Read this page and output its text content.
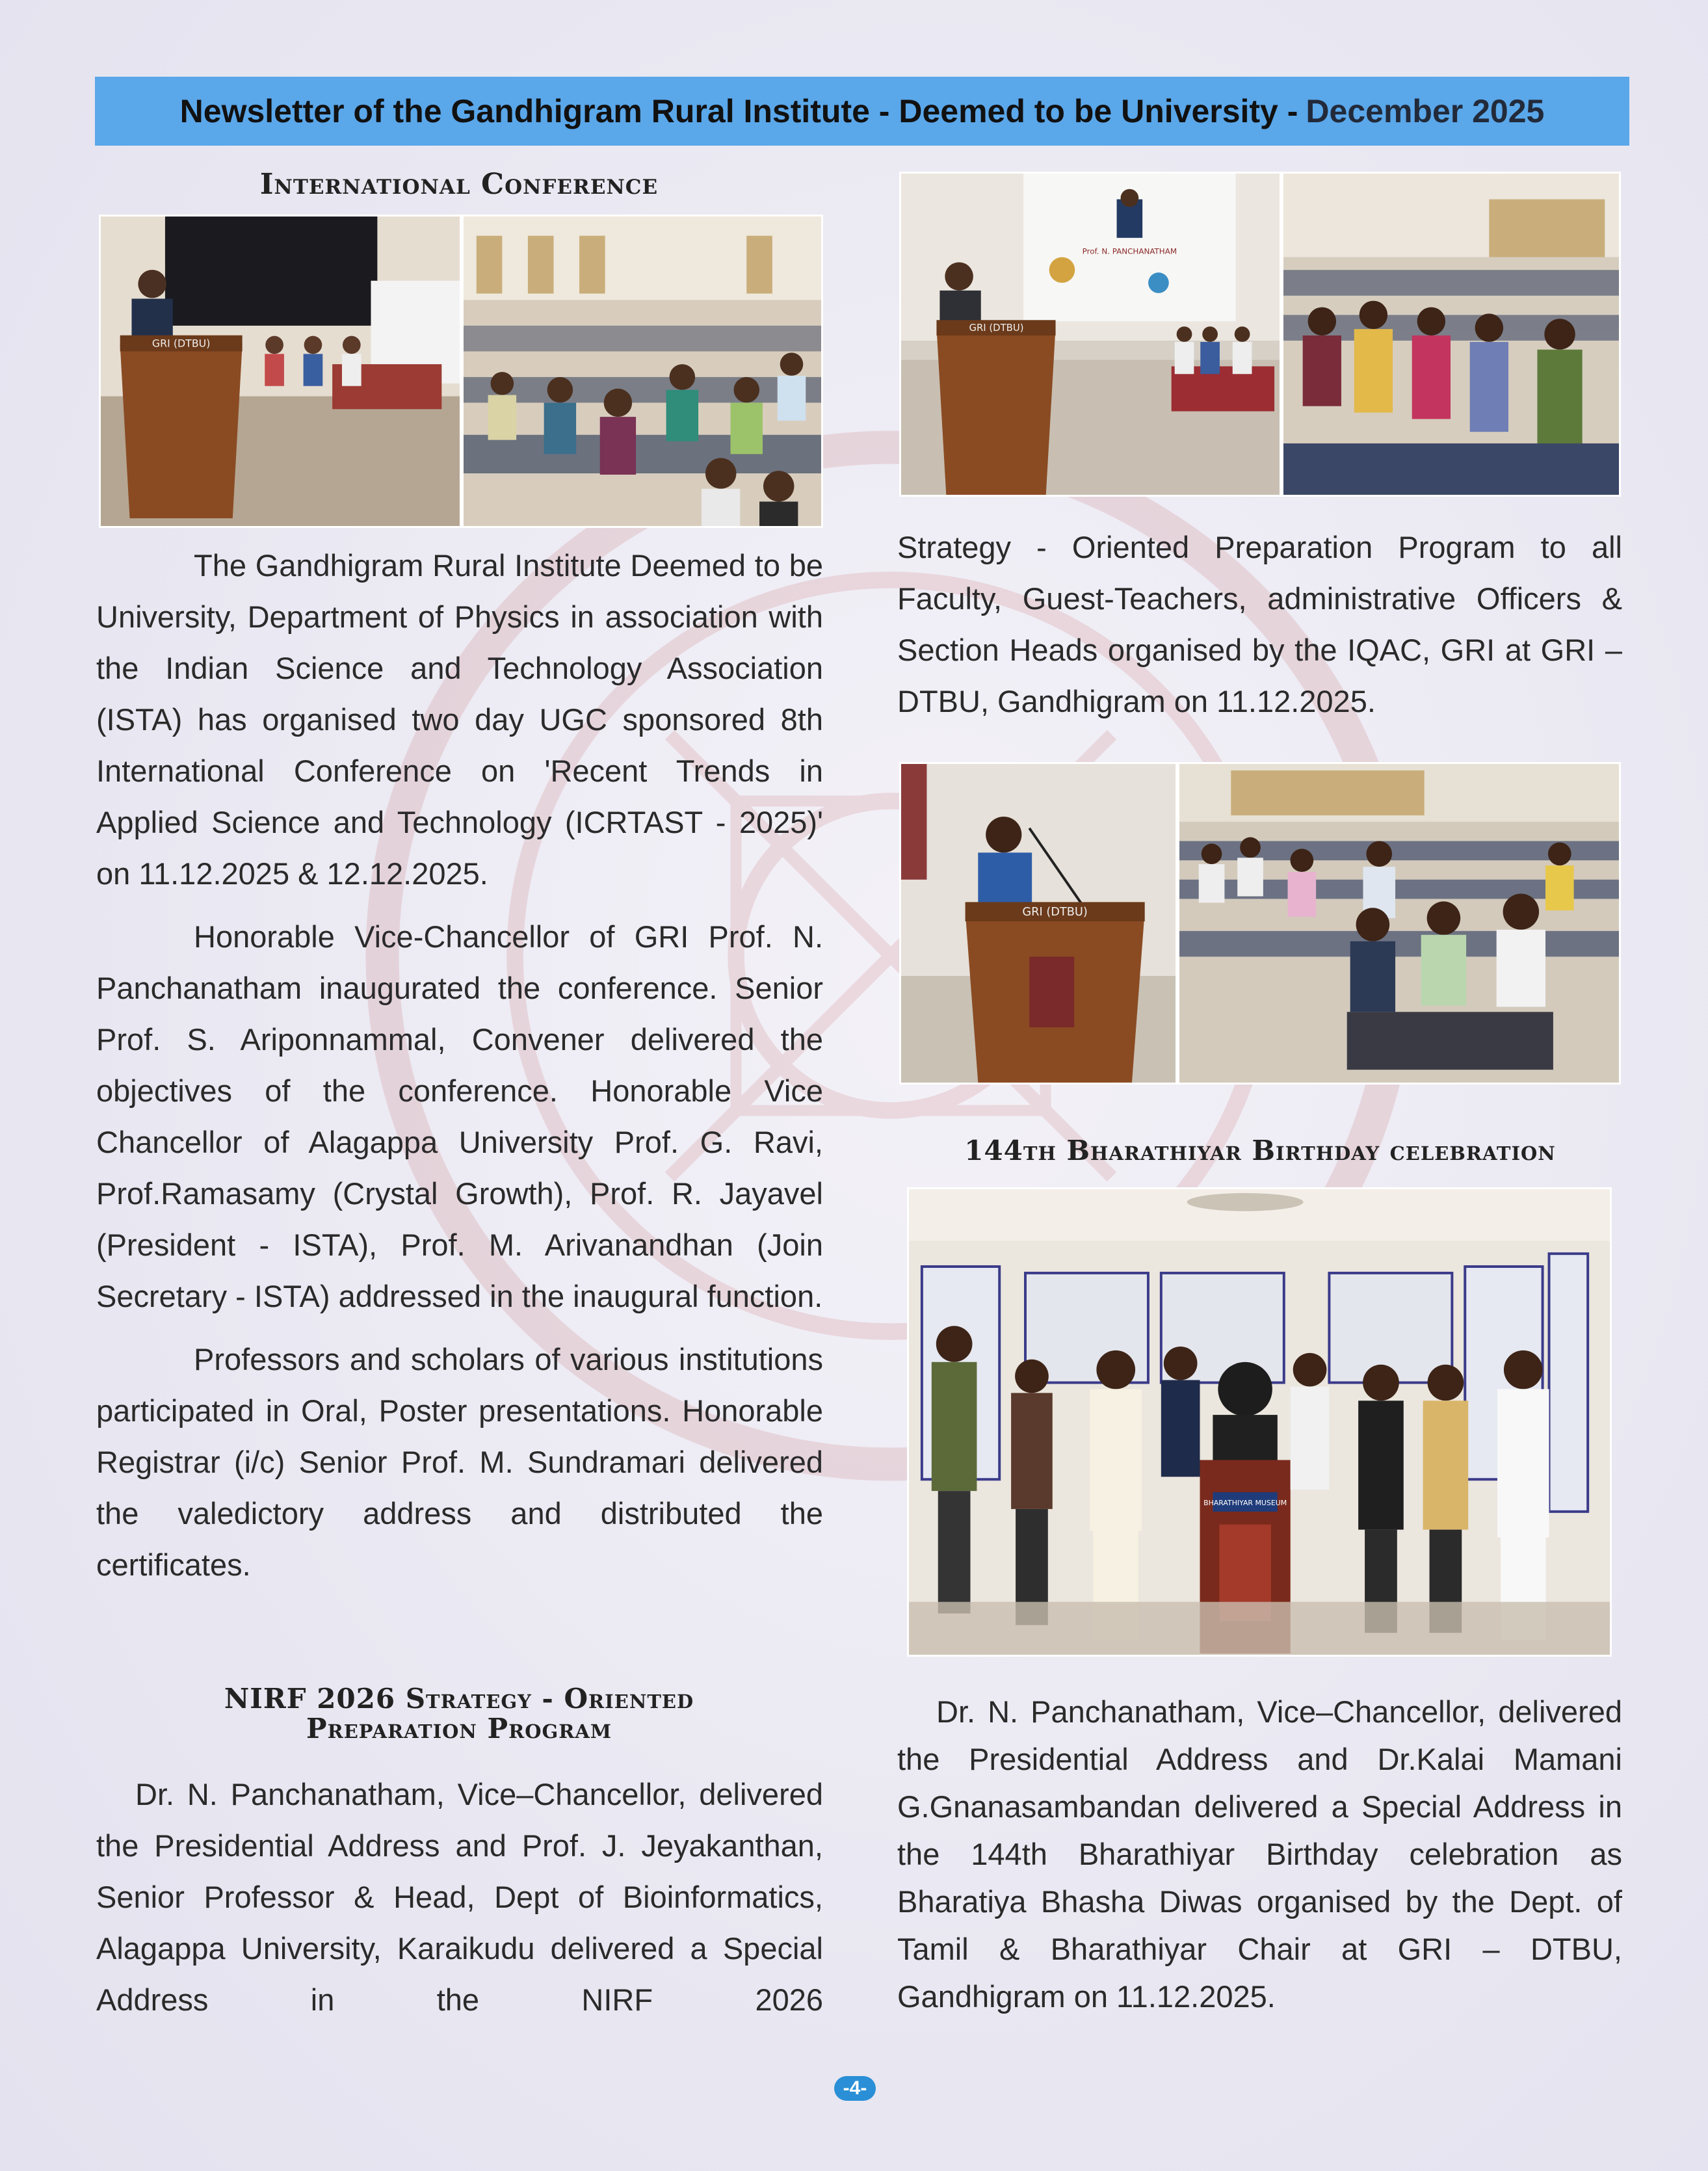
Newsletter of the Gandhigram Rural Institute - Deemed to be University - December 2025
International Conference
GRI (DTBU)

The Gandhigram Rural Institute Deemed to be University, Department of Physics in association with the Indian Science and Technology Association (ISTA) has organised two day UGC sponsored 8th International Conference on 'Recent Trends in Applied Science and Technology (ICRTAST - 2025)' on 11.12.2025 & 12.12.2025.

Honorable Vice-Chancellor of GRI Prof. N. Panchanatham inaugurated the conference. Senior Prof. S. Ariponnammal, Convener delivered the objectives of the conference. Honorable Vice Chancellor of Alagappa University Prof. G. Ravi, Prof.Ramasamy (Crystal Growth), Prof. R. Jayavel (President - ISTA), Prof. M. Arivanandhan (Join Secretary - ISTA) addressed in the inaugural function.

Professors and scholars of various institutions participated in Oral, Poster presentations. Honorable Registrar (i/c) Senior Prof. M. Sundramari delivered the valedictory address and distributed the certificates.

NIRF 2026 Strategy - Oriented
Preparation Program

Dr. N. Panchanatham, Vice–Chancellor, delivered the Presidential Address and Prof. J. Jeyakanthan, Senior Professor & Head, Dept of Bioinformatics, Alagappa University, Karaikudu delivered a Special Address in the NIRF 2026

Prof. N. PANCHANATHAM
GRI (DTBU)

Strategy - Oriented Preparation Program to all Faculty, Guest-Teachers, administrative Officers & Section Heads organised by the IQAC, GRI at GRI – DTBU, Gandhigram on 11.12.2025.

GRI (DTBU)
144th Bharathiyar Birthday celebration
BHARATHIYAR MUSEUM

Dr. N. Panchanatham, Vice–Chancellor, delivered the Presidential Address and Dr.Kalai Mamani G.Gnanasambandan delivered a Special Address in the 144th Bharathiyar Birthday celebration as Bharatiya Bhasha Diwas organised by the Dept. of Tamil & Bharathiyar Chair at GRI – DTBU, Gandhigram on 11.12.2025.

-4-
